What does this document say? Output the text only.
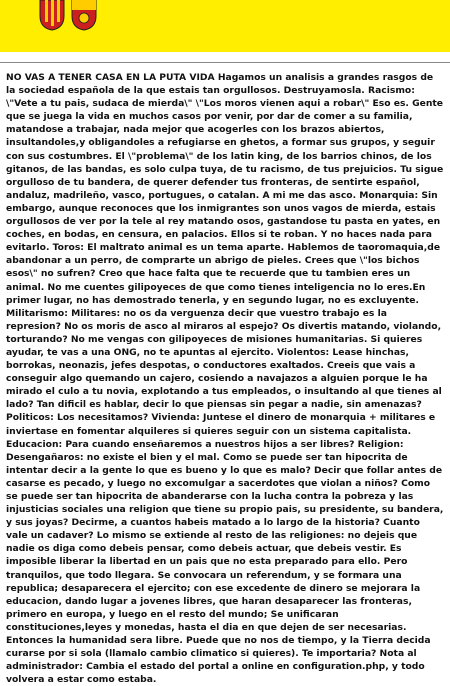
NO VAS A TENER CASA EN LA PUTA VIDA Hagamos un analisis a grandes rasgos de la sociedad española de la que estais tan orgullosos. Destruyamosla. Racismo: \"Vete a tu pais, sudaca de mierda\" \"Los moros vienen aqui a robar\" Eso es. Gente que se juega la vida en muchos casos por venir, por dar de comer a su familia, matandose a trabajar, nada mejor que acogerles con los brazos abiertos, insultandoles,y obligandoles a refugiarse en ghetos, a formar sus grupos, y seguir con sus costumbres. El \"problema\" de los latin king, de los barrios chinos, de los gitanos, de las bandas, es solo culpa tuya, de tu racismo, de tus prejuicios. Tu sigue orgulloso de tu bandera, de querer defender tus fronteras, de sentirte español, andaluz, madrileño, vasco, portugues, o catalan. A mi me das asco. Monarquia: Sin embargo, aunque reconoces que los inmigrantes son unos vagos de mierda, estais orgullosos de ver por la tele al rey matando osos, gastandose tu pasta en yates, en coches, en bodas, en censura, en palacios. Ellos si te roban. Y no haces nada para evitarlo. Toros: El maltrato animal es un tema aparte. Hablemos de taoromaquia,de abandonar a un perro, de comprarte un abrigo de pieles. Crees que \"los bichos esos\" no sufren? Creo que hace falta que te recuerde que tu tambien eres un animal. No me cuentes gilipoyeces de que como tienes inteligencia no lo eres.En primer lugar, no has demostrado tenerla, y en segundo lugar, no es excluyente. Militarismo: Militares: no os da verguenza decir que vuestro trabajo es la represion? No os moris de asco al miraros al espejo? Os divertis matando, violando, torturando? No me vengas con gilipoyeces de misiones humanitarias. Si quieres ayudar, te vas a una ONG, no te apuntas al ejercito. Violentos: Lease hinchas, borrokas, neonazis, jefes despotas, o conductores exaltados. Creeis que vais a conseguir algo quemando un cajero, cosiendo a navajazos a alguien porque le ha mirado el culo a tu novia, explotando a tus empleados, o insultando al que tienes al lado? Tan dificil es hablar, decir lo que piensas sin pegar a nadie, sin amenazas? Politicos: Los necesitamos? Vivienda: Juntese el dinero de monarquia + militares e inviertase en fomentar alquileres si quieres seguir con un sistema capitalista. Educacion: Para cuando enseñaremos a nuestros hijos a ser libres? Religion: Desengañaros: no existe el bien y el mal. Como se puede ser tan hipocrita de intentar decir a la gente lo que es bueno y lo que es malo? Decir que follar antes de casarse es pecado, y luego no excomulgar a sacerdotes que violan a niños? Como se puede ser tan hipocrita de abanderarse con la lucha contra la pobreza y las injusticias sociales una religion que tiene su propio pais, su presidente, su bandera, y sus joyas? Decirme, a cuantos habeis matado a lo largo de la historia? Cuanto vale un cadaver? Lo mismo se extiende al resto de las religiones: no dejeis que nadie os diga como debeis pensar, como debeis actuar, que debeis vestir. Es imposible liberar la libertad en un pais que no esta preparado para ello. Pero tranquilos, que todo llegara. Se convocara un referendum, y se formara una republica; desaparecera el ejercito; con ese excedente de dinero se mejorara la educacion, dando lugar a jovenes libres, que haran desaparecer las fronteras, primero en europa, y luego en el resto del mundo; Se unificaran constituciones,leyes y monedas, hasta el dia en que dejen de ser necesarias. Entonces la humanidad sera libre. Puede que no nos de tiempo, y la Tierra decida curarse por si sola (llamalo cambio climatico si quieres). Te importaria? Nota al administrador: Cambia el estado del portal a online en configuration.php, y todo volvera a estar como estaba.
